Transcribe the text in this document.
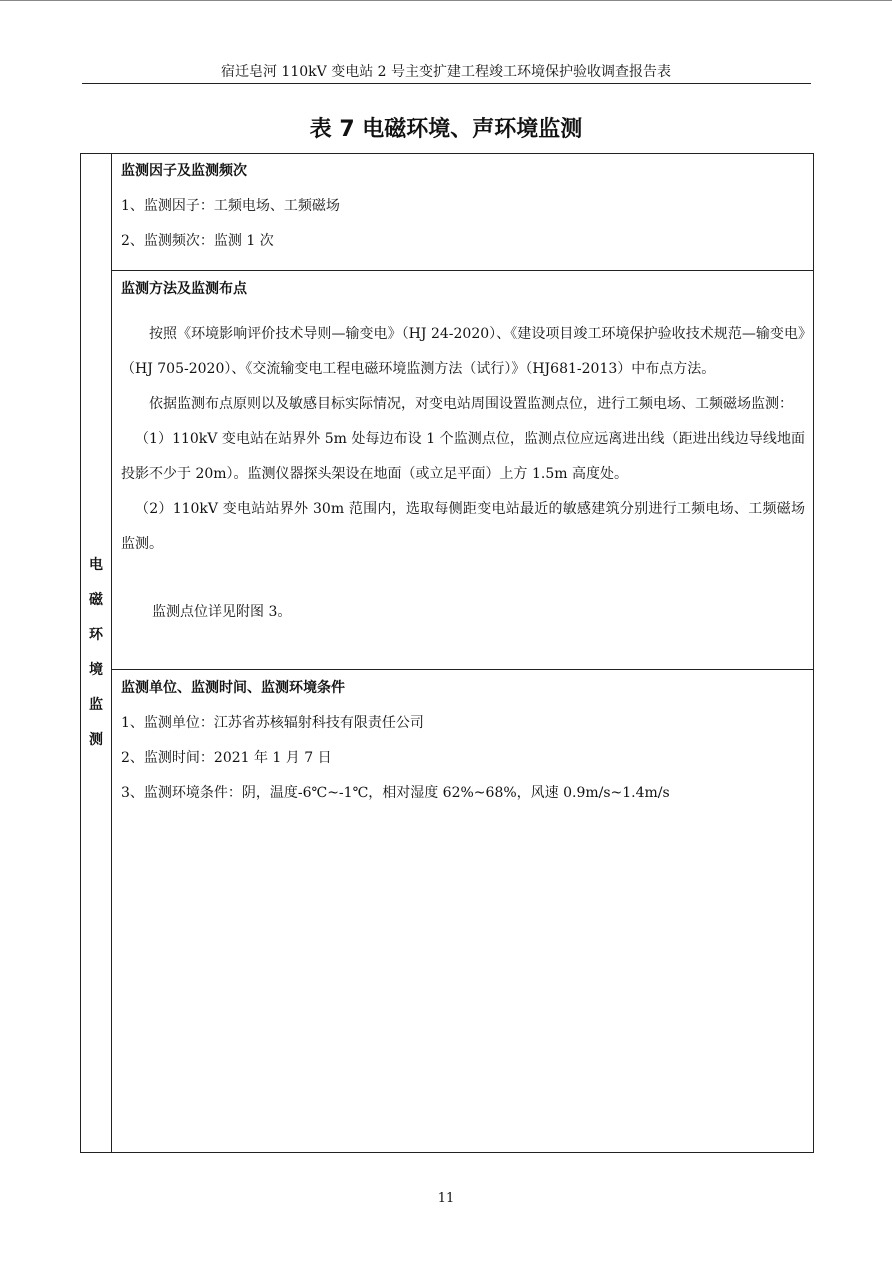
宿迁皂河 110kV 变电站 2 号主变扩建工程竣工环境保护验收调查报告表
表 7 电磁环境、声环境监测
电
磁
环
境
监
测
监测因子及监测频次
1、监测因子：工频电场、工频磁场
2、监测频次：监测 1 次
监测方法及监测布点

按照《环境影响评价技术导则—输变电》（HJ 24-2020）、《建设项目竣工环境保护验收技术规范—输变电》（HJ 705-2020）、《交流输变电工程电磁环境监测方法（试行）》（HJ681-2013）中布点方法。

依据监测布点原则以及敏感目标实际情况，对变电站周围设置监测点位，进行工频电场、工频磁场监测：

（1）110kV 变电站在站界外 5m 处每边布设 1 个监测点位，监测点位应远离进出线（距进出线边导线地面投影不少于 20m）。监测仪器探头架设在地面（或立足平面）上方 1.5m 高度处。

（2）110kV 变电站站界外 30m 范围内，选取每侧距变电站最近的敏感建筑分别进行工频电场、工频磁场监测。

监测点位详见附图 3。

监测单位、监测时间、监测环境条件
1、监测单位：江苏省苏核辐射科技有限责任公司
2、监测时间：2021 年 1 月 7 日
3、监测环境条件：阴，温度-6℃~-1℃，相对湿度 62%~68%，风速 0.9m/s~1.4m/s
11
